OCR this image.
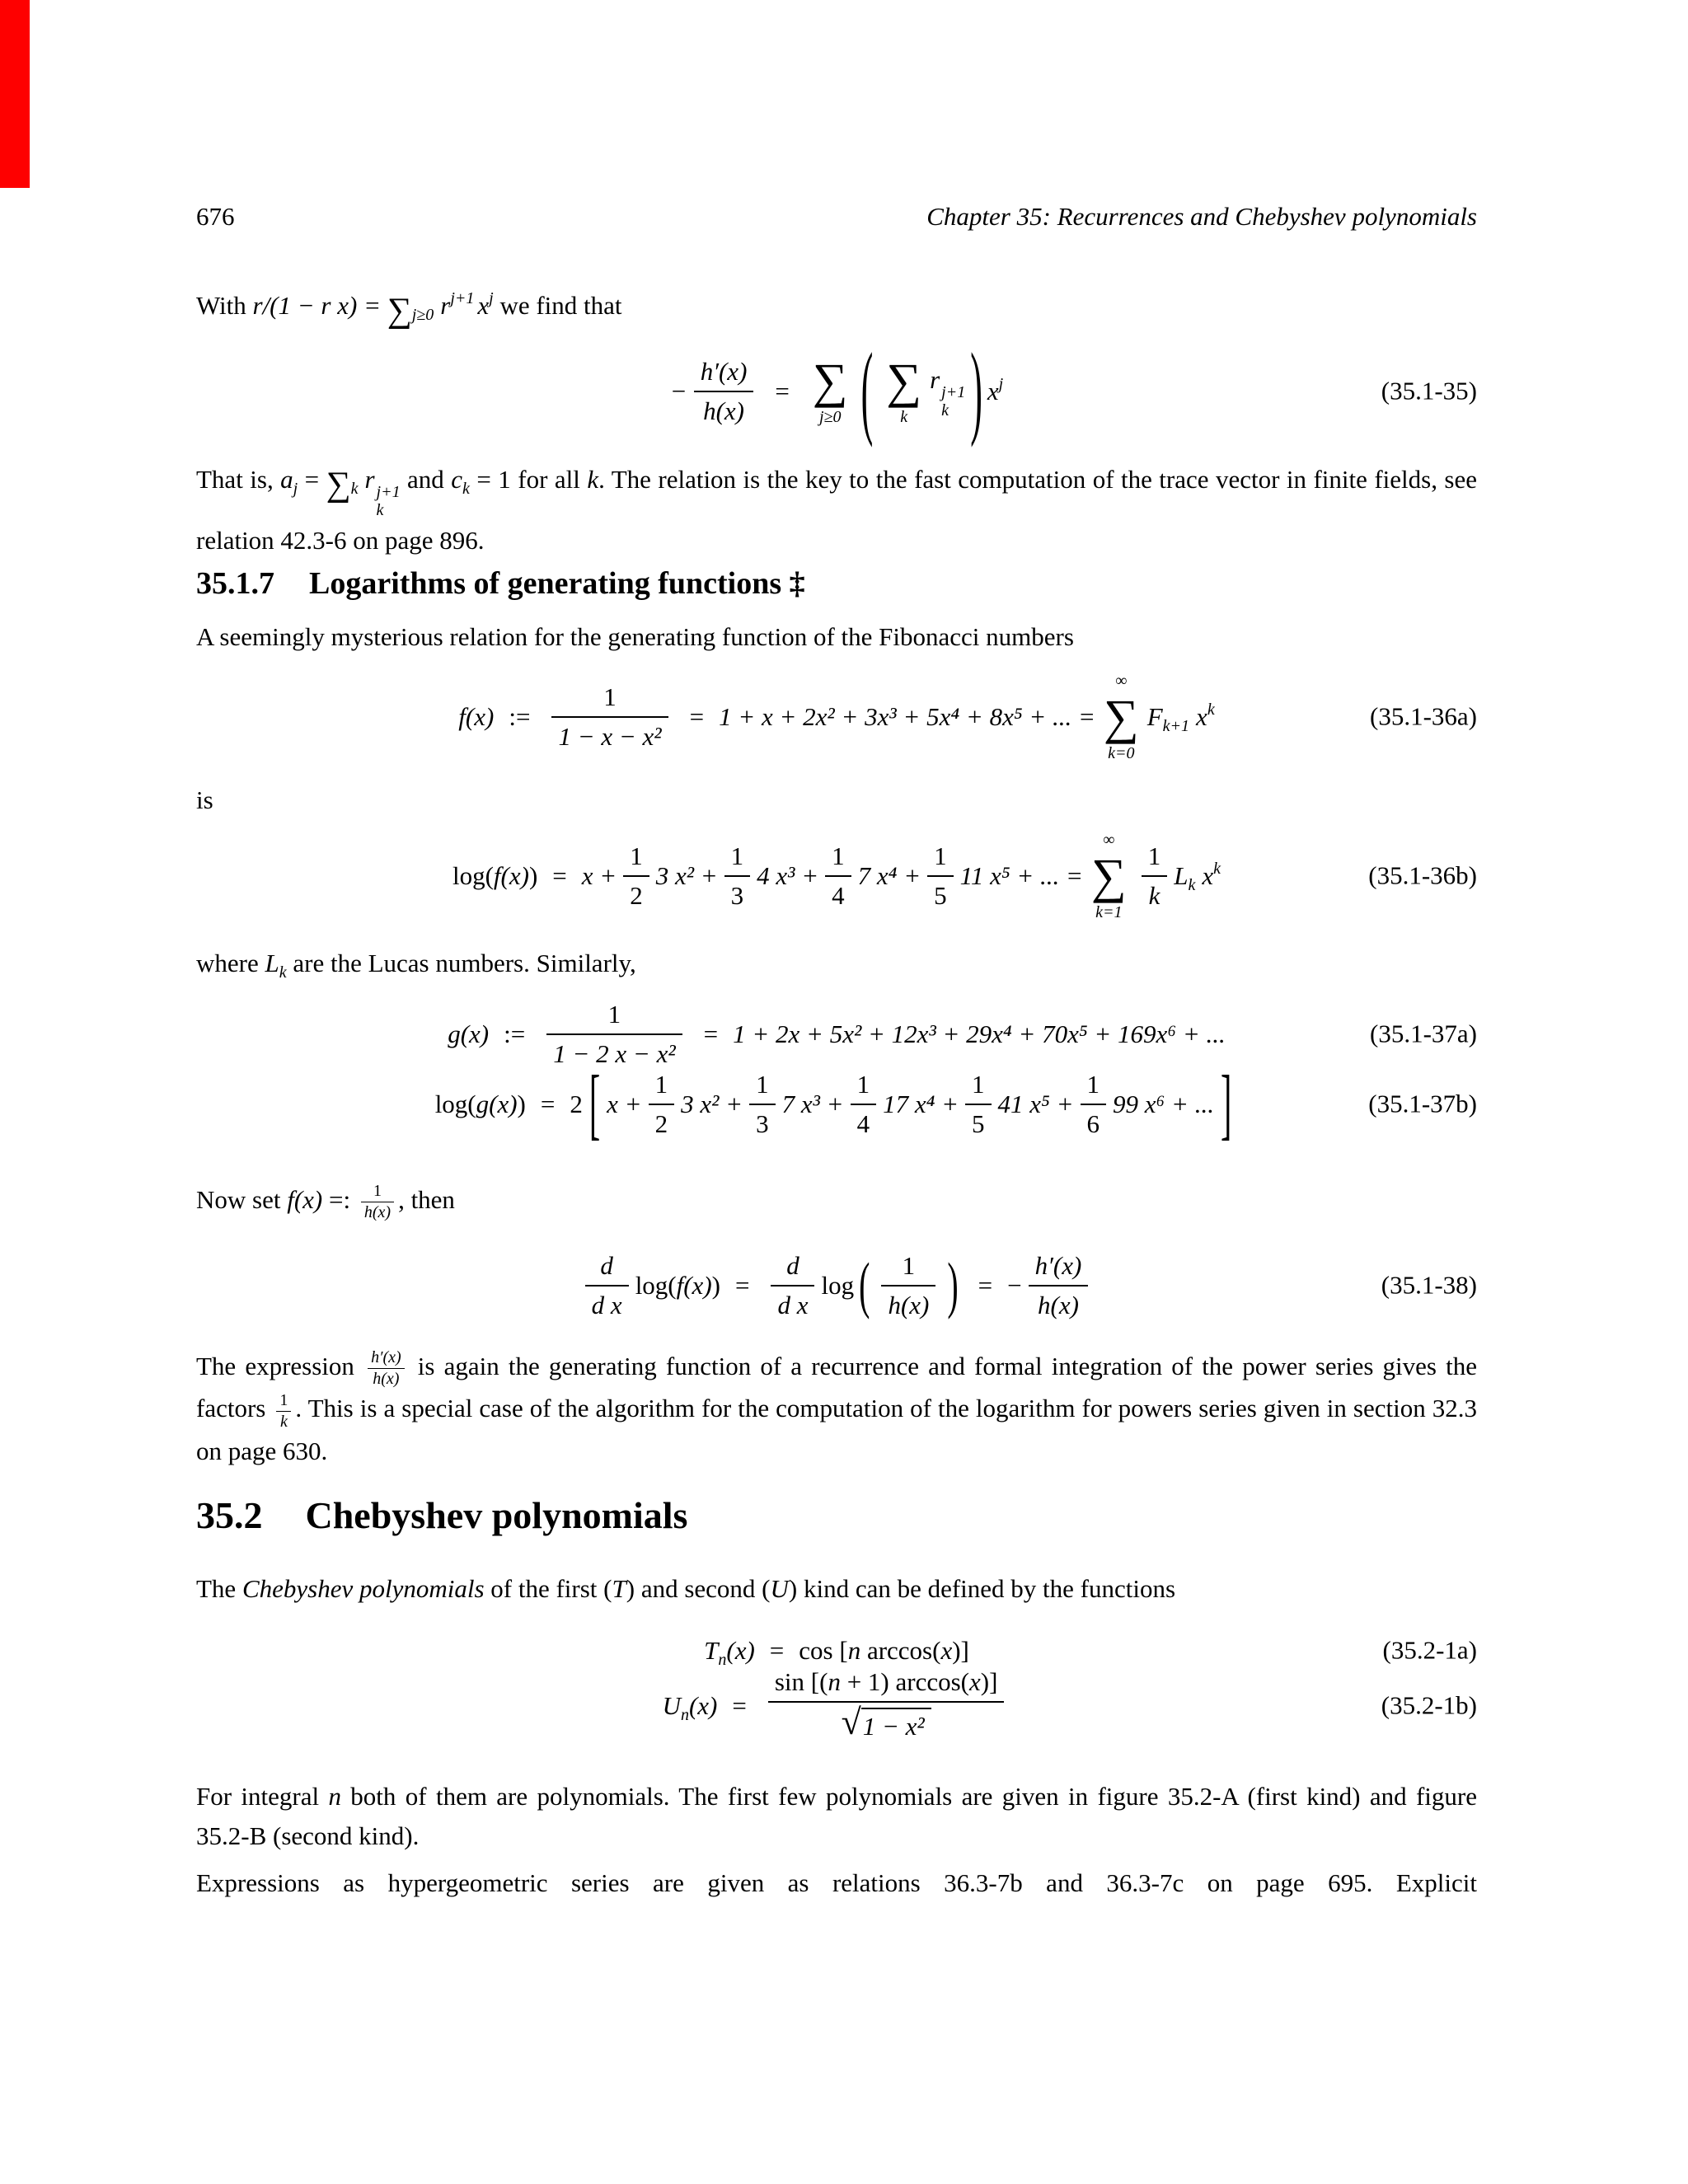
676	Chapter 35: Recurrences and Chebyshev polynomials
With r/(1 − r $x) = \sum_{j\ge 0}$ $r^{j+1}$ $x^j$ we find that
− $\frac{h'(x)}{h(x)}$ = ∑
j≥0 ( ∑
k
r j+1
k ) $x^j$	(35.1-35)
That is, $a_j = \sum_k$ r j+1
k
and $c_k = 1$ for all k. The relation is the key to the fast computation of the trace vector in finite fields, see relation 42.3-6 on page 896.
35.1.7 Logarithms of generating functions ‡
A seemingly mysterious relation for the generating function of the Fibonacci numbers
f(x) := $\frac{1}{\text{1 − x − x²}} = 1 + x + 2x^2 + 3x^3 + 5x^4 + 8x^5$ + ... =
∞
∑
k=0
$F_{k+1}$ $x^k$	(35.1-36a)
is
$\log(f(x)) = x + \frac{1}{2} 3$ $x^2 + \frac{1}{3} 4$ $x^3 + \frac{1}{4} 7$ $x^4 + \frac{1}{5} 11$ x⁵ + ... =
∞
∑
k=1
$\frac{1}{k} L_k$ $x^k$	(35.1-36b)
where $L_k$ are the Lucas numbers. Similarly,
g(x) := $\frac{1}{\text{1 − 2 x − x²}} = 1 + 2x + 5x^2 + 12x^3 + 29x^4 + 70x^5 + 169x^6$ + ...	(35.1-37a)
log(g(x)) = 2 [ $x + \frac{1}{2} 3$ $x^2 + \frac{1}{3} 7$ $x^3 + \frac{1}{4} 17$ $x^4 + \frac{1}{5} 41$ $x^5 + \frac{1}{6} 99$ x⁶ + ... ]	(35.1-37b)
Now set f(x) =: $\frac{1}{h(x)}$ , then
$\frac{d}{\text{d x}} \log(f(x)) = \frac{d}{\text{d x}}$ log ( $\frac{1}{h(x)}$ ) = − $\frac{h'(x)}{h(x)}$	(35.1-38)
The expression $\frac{h'(x)}{h(x)}$ is again the generating function of a recurrence and formal integration of the power series gives the factors $\frac{1}{k}$ . This is a special case of the algorithm for the computation of the logarithm for powers series given in section 32.3 on page 630.
35.2 Chebyshev polynomials
The Chebyshev polynomials of the first (T) and second (U) kind can be defined by the functions
$T_n(x) = \cos [n$ arccos(x)]	(35.2-1a)
$U_n(x) = \frac{\sin [(n + 1) \arccos(x)]}{\text{√ 1 − x²}}$	(35.2-1b)
For integral n both of them are polynomials. The first few polynomials are given in figure 35.2-A (first kind) and figure 35.2-B (second kind).
Expressions as hypergeometric series are given as relations 36.3-7b and 36.3-7c on page 695. Explicit
